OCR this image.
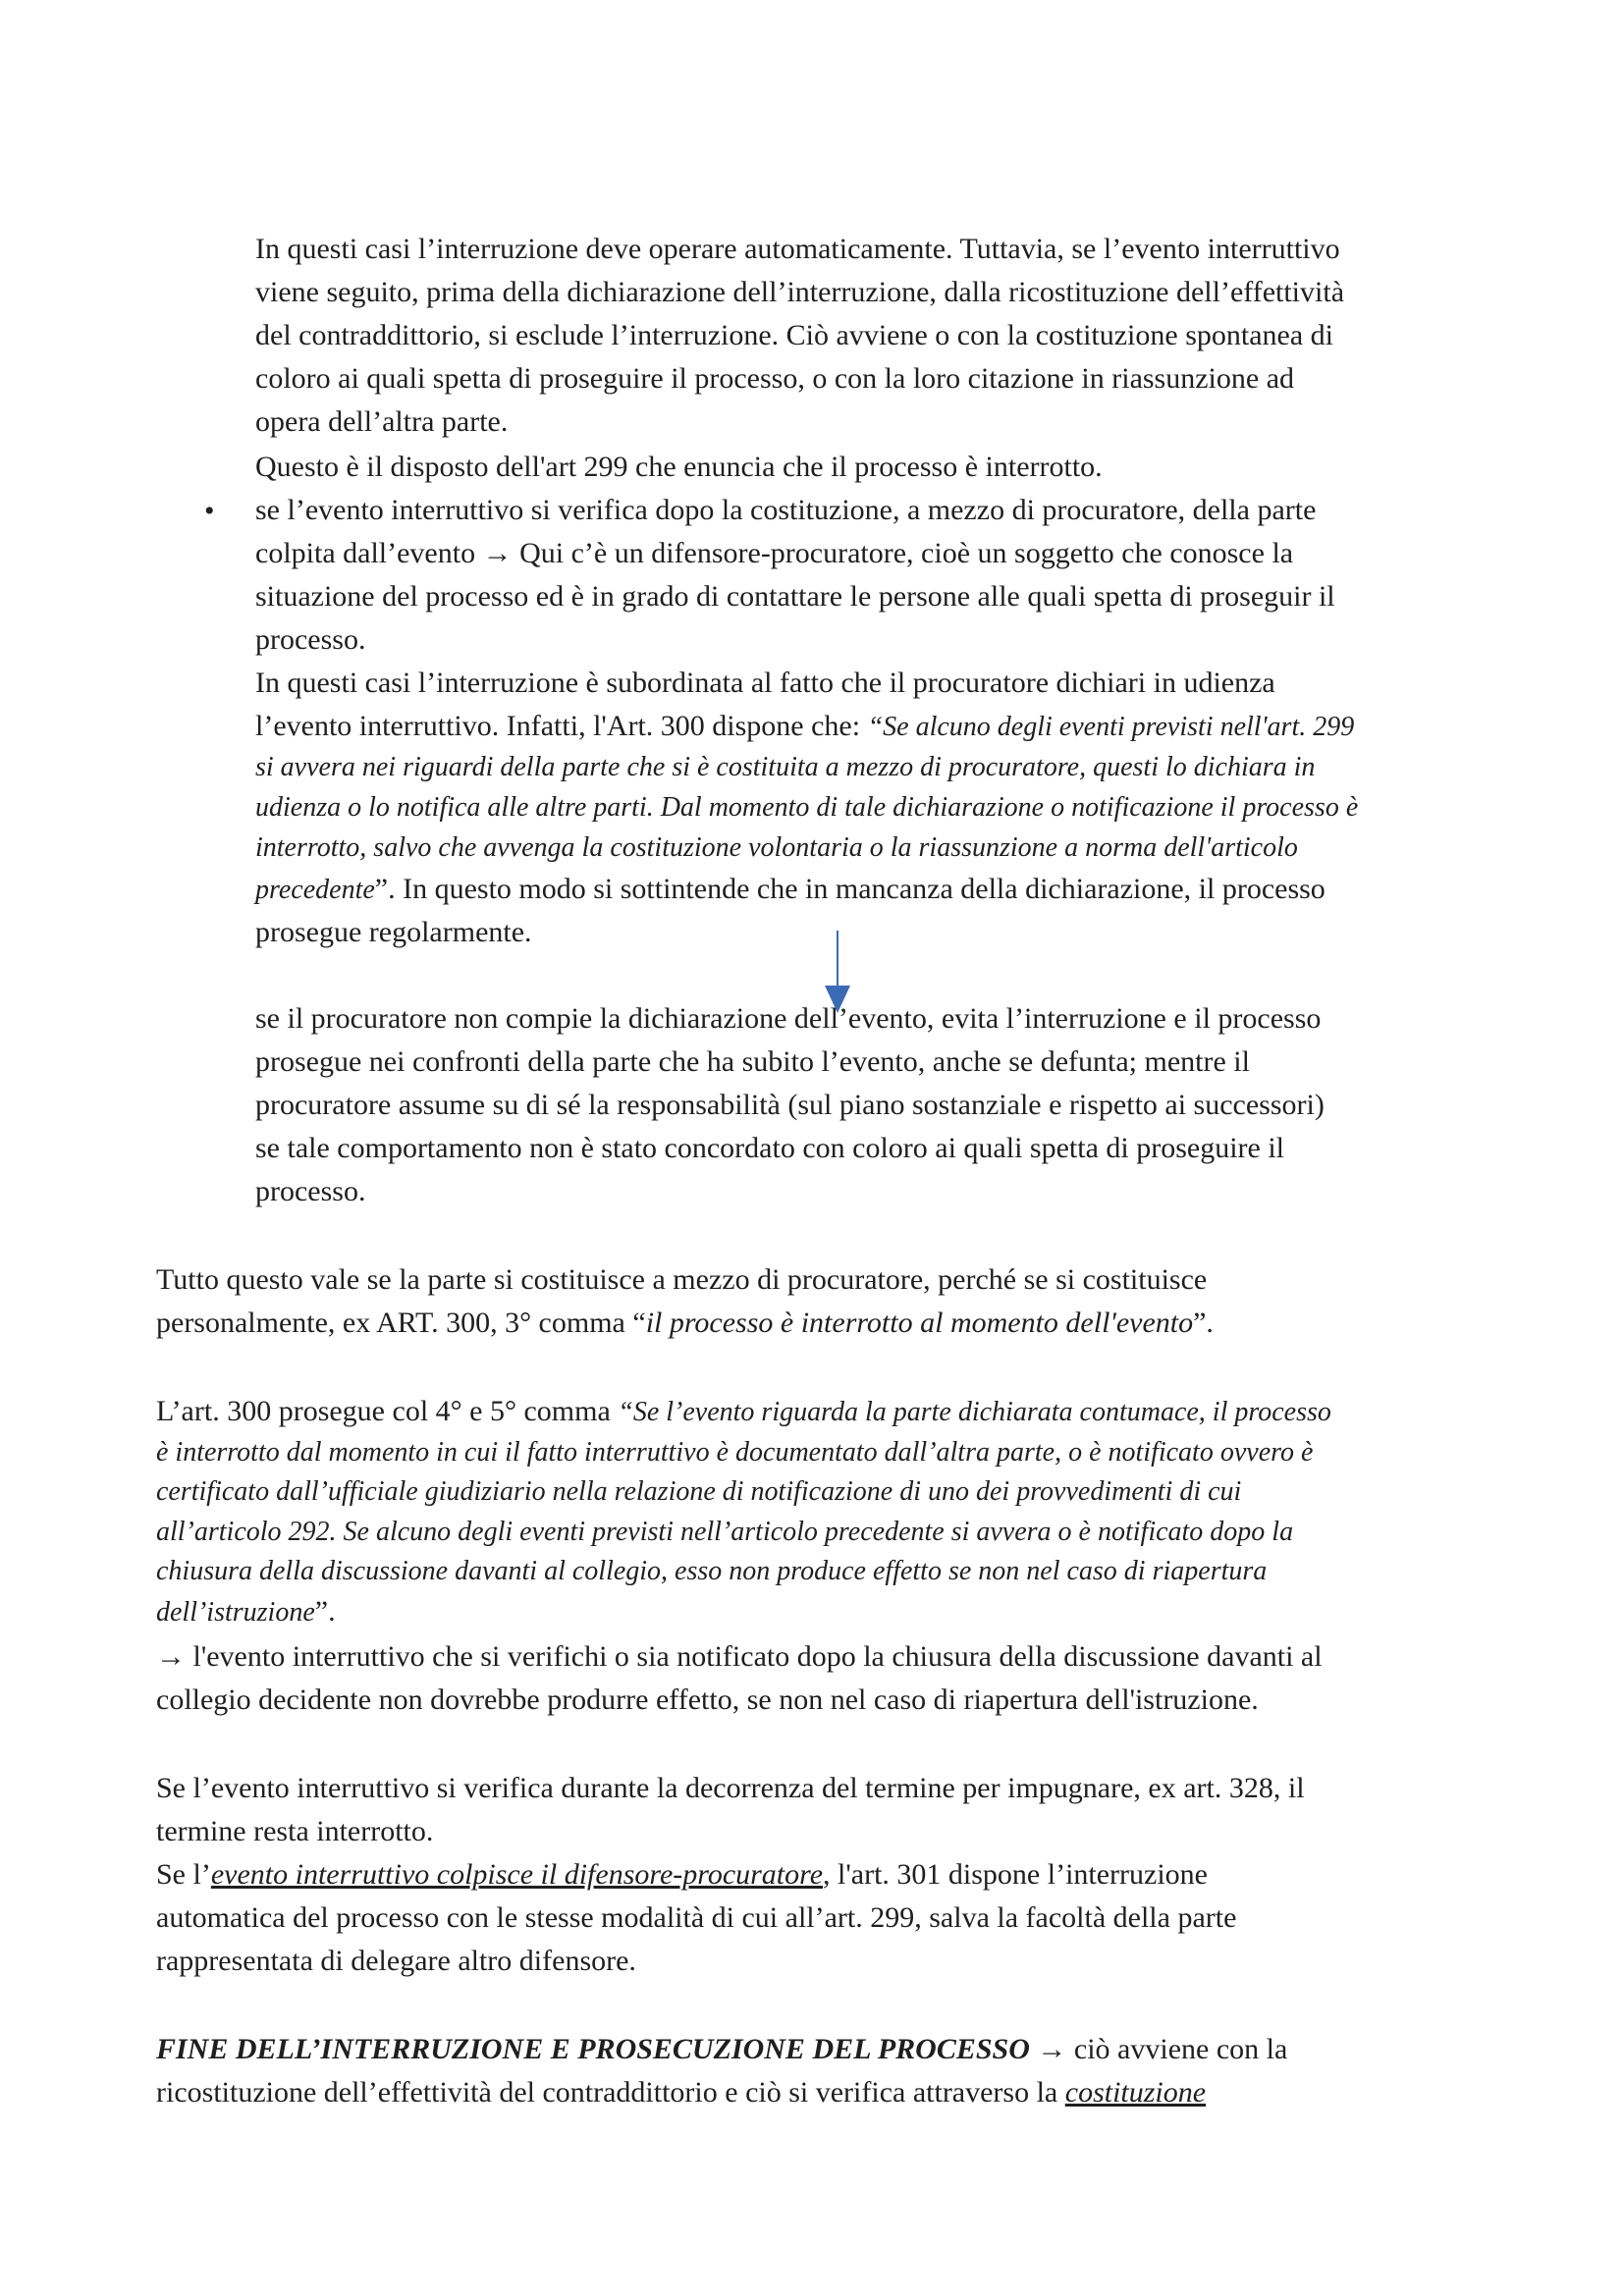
In questi casi l’interruzione deve operare automaticamente. Tuttavia, se l’evento interruttivo
viene seguito, prima della dichiarazione dell’interruzione, dalla ricostituzione dell’effettività
del contraddittorio, si esclude l’interruzione. Ciò avviene o con la costituzione spontanea di
coloro ai quali spetta di proseguire il processo, o con la loro citazione in riassunzione ad
opera dell’altra parte.
Questo è il disposto dell'art 299 che enuncia che il processo è interrotto.
• se l’evento interruttivo si verifica dopo la costituzione, a mezzo di procuratore, della parte
colpita dall’evento → Qui c’è un difensore-procuratore, cioè un soggetto che conosce la
situazione del processo ed è in grado di contattare le persone alle quali spetta di proseguir il
processo.
In questi casi l’interruzione è subordinata al fatto che il procuratore dichiari in udienza
l’evento interruttivo. Infatti, l'Art. 300 dispone che: “Se alcuno degli eventi previsti nell'art. 299
si avvera nei riguardi della parte che si è costituita a mezzo di procuratore, questi lo dichiara in
udienza o lo notifica alle altre parti. Dal momento di tale dichiarazione o notificazione il processo è
interrotto, salvo che avvenga la costituzione volontaria o la riassunzione a norma dell'articolo
precedente”. In questo modo si sottintende che in mancanza della dichiarazione, il processo
prosegue regolarmente.
se il procuratore non compie la dichiarazione dell’evento, evita l’interruzione e il processo
prosegue nei confronti della parte che ha subito l’evento, anche se defunta; mentre il
procuratore assume su di sé la responsabilità (sul piano sostanziale e rispetto ai successori)
se tale comportamento non è stato concordato con coloro ai quali spetta di proseguire il
processo.
Tutto questo vale se la parte si costituisce a mezzo di procuratore, perché se si costituisce
personalmente, ex ART. 300, 3° comma “il processo è interrotto al momento dell'evento”.
L’art. 300 prosegue col 4° e 5° comma “Se l’evento riguarda la parte dichiarata contumace, il processo
è interrotto dal momento in cui il fatto interruttivo è documentato dall’altra parte, o è notificato ovvero è
certificato dall’ufficiale giudiziario nella relazione di notificazione di uno dei provvedimenti di cui
all’articolo 292. Se alcuno degli eventi previsti nell’articolo precedente si avvera o è notificato dopo la
chiusura della discussione davanti al collegio, esso non produce effetto se non nel caso di riapertura
dell’istruzione”.
→ l'evento interruttivo che si verifichi o sia notificato dopo la chiusura della discussione davanti al
collegio decidente non dovrebbe produrre effetto, se non nel caso di riapertura dell'istruzione.
Se l’evento interruttivo si verifica durante la decorrenza del termine per impugnare, ex art. 328, il
termine resta interrotto.
Se l’evento interruttivo colpisce il difensore-procuratore, l'art. 301 dispone l’interruzione
automatica del processo con le stesse modalità di cui all’art. 299, salva la facoltà della parte
rappresentata di delegare altro difensore.
FINE DELL’INTERRUZIONE E PROSECUZIONE DEL PROCESSO → ciò avviene con la
ricostituzione dell’effettività del contraddittorio e ciò si verifica attraverso la costituzione
